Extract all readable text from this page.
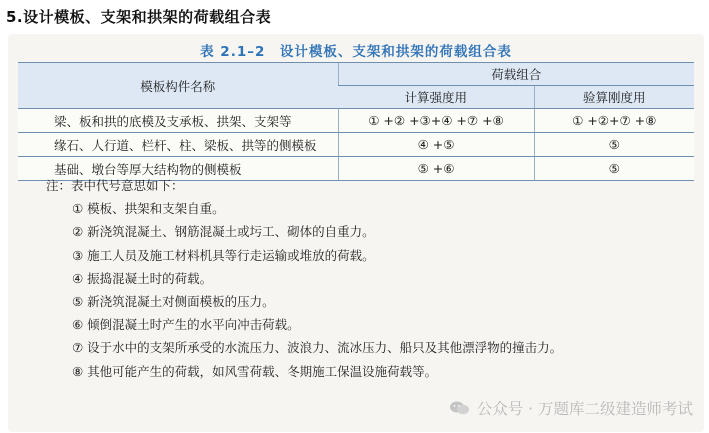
5.设计模板、支架和拱架的荷载组合表
表 2.1–2　设计模板、支架和拱架的荷载组合表
模板构件名称	荷载组合	
	计算强度用	验算刚度用
梁、板和拱的底模及支承板、拱架、支架等	① +② +③+④ +⑦ +⑧	① +②+⑦ +⑧
缘石、人行道、栏杆、柱、梁板、拱等的侧模板	④ +⑤	⑤
基础、墩台等厚大结构物的侧模板	⑤ +⑥	⑤
注：表中代号意思如下：
① 模板、拱架和支架自重。
② 新浇筑混凝土、钢筋混凝土或圬工、砌体的自重力。
③ 施工人员及施工材料机具等行走运输或堆放的荷载。
④ 振捣混凝土时的荷载。
⑤ 新浇筑混凝土对侧面模板的压力。
⑥ 倾倒混凝土时产生的水平向冲击荷载。
⑦ 设于水中的支架所承受的水流压力、波浪力、流冰压力、船只及其他漂浮物的撞击力。
⑧ 其他可能产生的荷载，如风雪荷载、冬期施工保温设施荷载等。
公众号 · 万题库二级建造师考试
